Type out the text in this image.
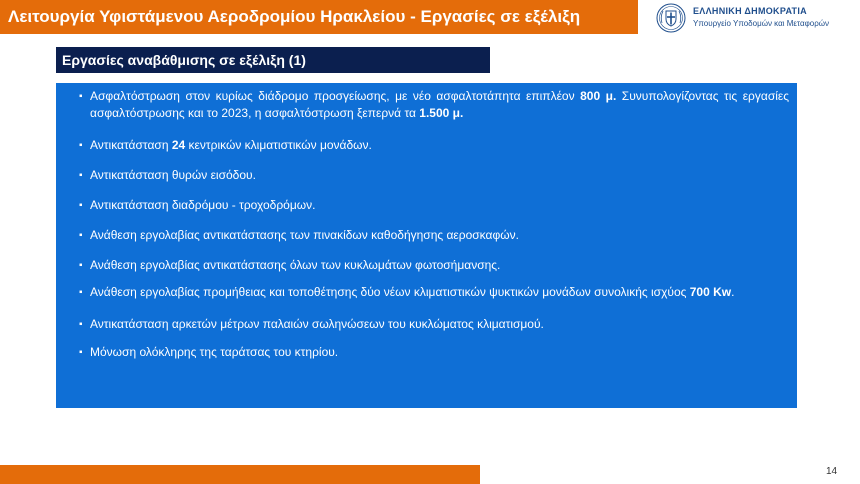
Λειτουργία Υφιστάμενου Αεροδρομίου Ηρακλείου - Εργασίες σε εξέλιξη	ΕΛΛΗΝΙΚΗ ΔΗΜΟΚΡΑΤΙΑ
Υπουργείο Υποδομών και Μεταφορών
Εργασίες αναβάθμισης σε εξέλιξη (1)
▪ Ασφαλτόστρωση στον κυρίως διάδρομο προσγείωσης, με νέο ασφαλτοτάπητα επιπλέον 800 μ. Συνυπολογίζοντας τις εργασίες ασφαλτόστρωσης και το 2023, η ασφαλτόστρωση ξεπερνά τα 1.500 μ.
▪ Αντικατάσταση 24 κεντρικών κλιματιστικών μονάδων.
▪ Αντικατάσταση θυρών εισόδου.
▪ Αντικατάσταση διαδρόμου - τροχοδρόμων.
▪ Ανάθεση εργολαβίας αντικατάστασης των πινακίδων καθοδήγησης αεροσκαφών.
▪ Ανάθεση εργολαβίας αντικατάστασης όλων των κυκλωμάτων φωτοσήμανσης.
▪ Ανάθεση εργολαβίας προμήθειας και τοποθέτησης δύο νέων κλιματιστικών ψυκτικών μονάδων συνολικής ισχύος 700 Kw.
▪ Αντικατάσταση αρκετών μέτρων παλαιών σωληνώσεων του κυκλώματος κλιματισμού.
▪ Μόνωση ολόκληρης της ταράτσας του κτηρίου.
14
